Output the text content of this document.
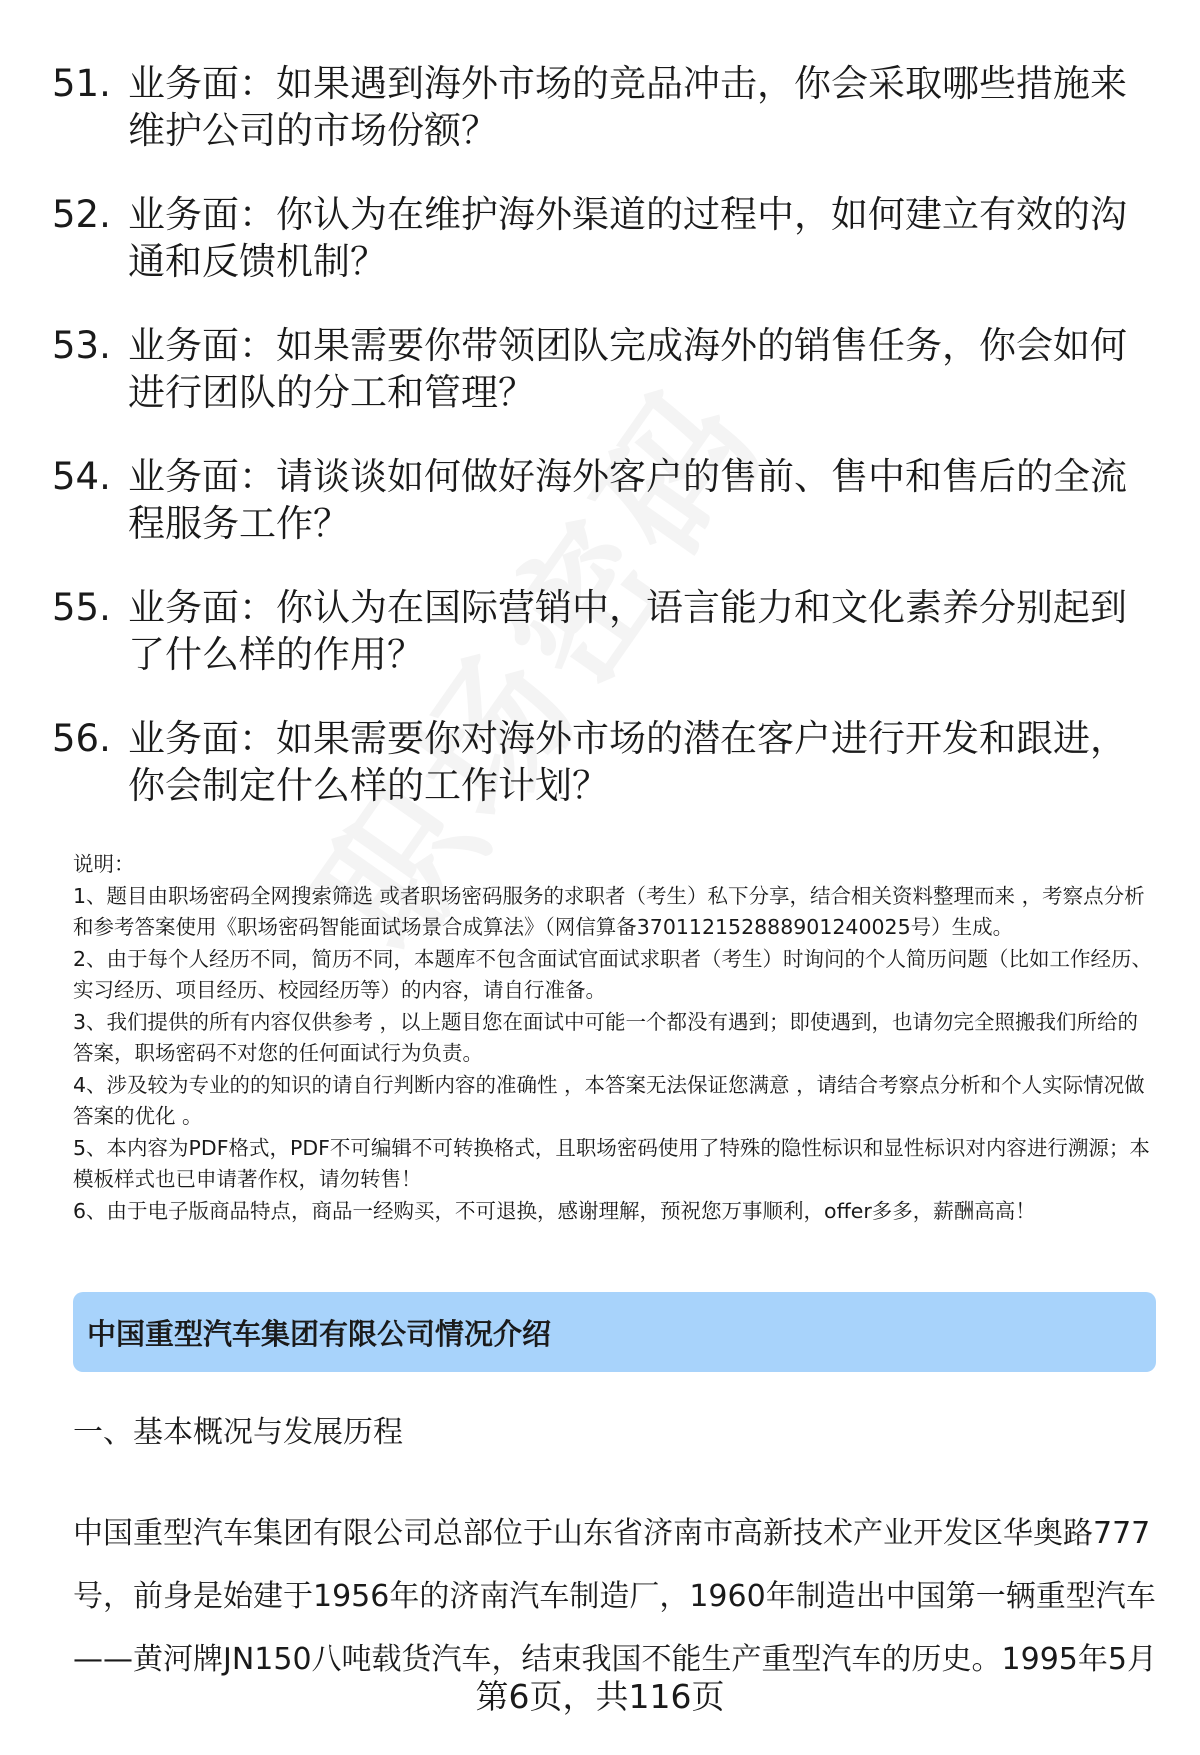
51. 业务面：如果遇到海外市场的竞品冲击，你会采取哪些措施来维护公司的市场份额？
52. 业务面：你认为在维护海外渠道的过程中，如何建立有效的沟通和反馈机制？
53. 业务面：如果需要你带领团队完成海外的销售任务，你会如何进行团队的分工和管理？
54. 业务面：请谈谈如何做好海外客户的售前、售中和售后的全流程服务工作？
55. 业务面：你认为在国际营销中，语言能力和文化素养分别起到了什么样的作用？
56. 业务面：如果需要你对海外市场的潜在客户进行开发和跟进，你会制定什么样的工作计划？

说明：

1、题目由职场密码全网搜索筛选 或者职场密码服务的求职者（考生）私下分享，结合相关资料整理而来 ，考察点分析和参考答案使用《职场密码智能面试场景合成算法》（网信算备370112152888901240025号）生成。

2、由于每个人经历不同，简历不同，本题库不包含面试官面试求职者（考生）时询问的个人简历问题（比如工作经历、实习经历、项目经历、校园经历等）的内容，请自行准备。

3、我们提供的所有内容仅供参考 ，以上题目您在面试中可能一个都没有遇到；即使遇到，也请勿完全照搬我们所给的答案，职场密码不对您的任何面试行为负责。

4、涉及较为专业的的知识的请自行判断内容的准确性 ，本答案无法保证您满意 ，请结合考察点分析和个人实际情况做答案的优化 。

5、本内容为PDF格式，PDF不可编辑不可转换格式，且职场密码使用了特殊的隐性标识和显性标识对内容进行溯源；本模板样式也已申请著作权，请勿转售！

6、由于电子版商品特点，商品一经购买，不可退换，感谢理解，预祝您万事顺利，offer多多，薪酬高高！

中国重型汽车集团有限公司情况介绍
一、基本概况与发展历程

中国重型汽车集团有限公司总部位于山东省济南市高新技术产业开发区华奥路777

号，前身是始建于1956年的济南汽车制造厂，1960年制造出中国第一辆重型汽车

——黄河牌JN150八吨载货汽车，结束我国不能生产重型汽车的历史。1995年5月

第6页，共116页
